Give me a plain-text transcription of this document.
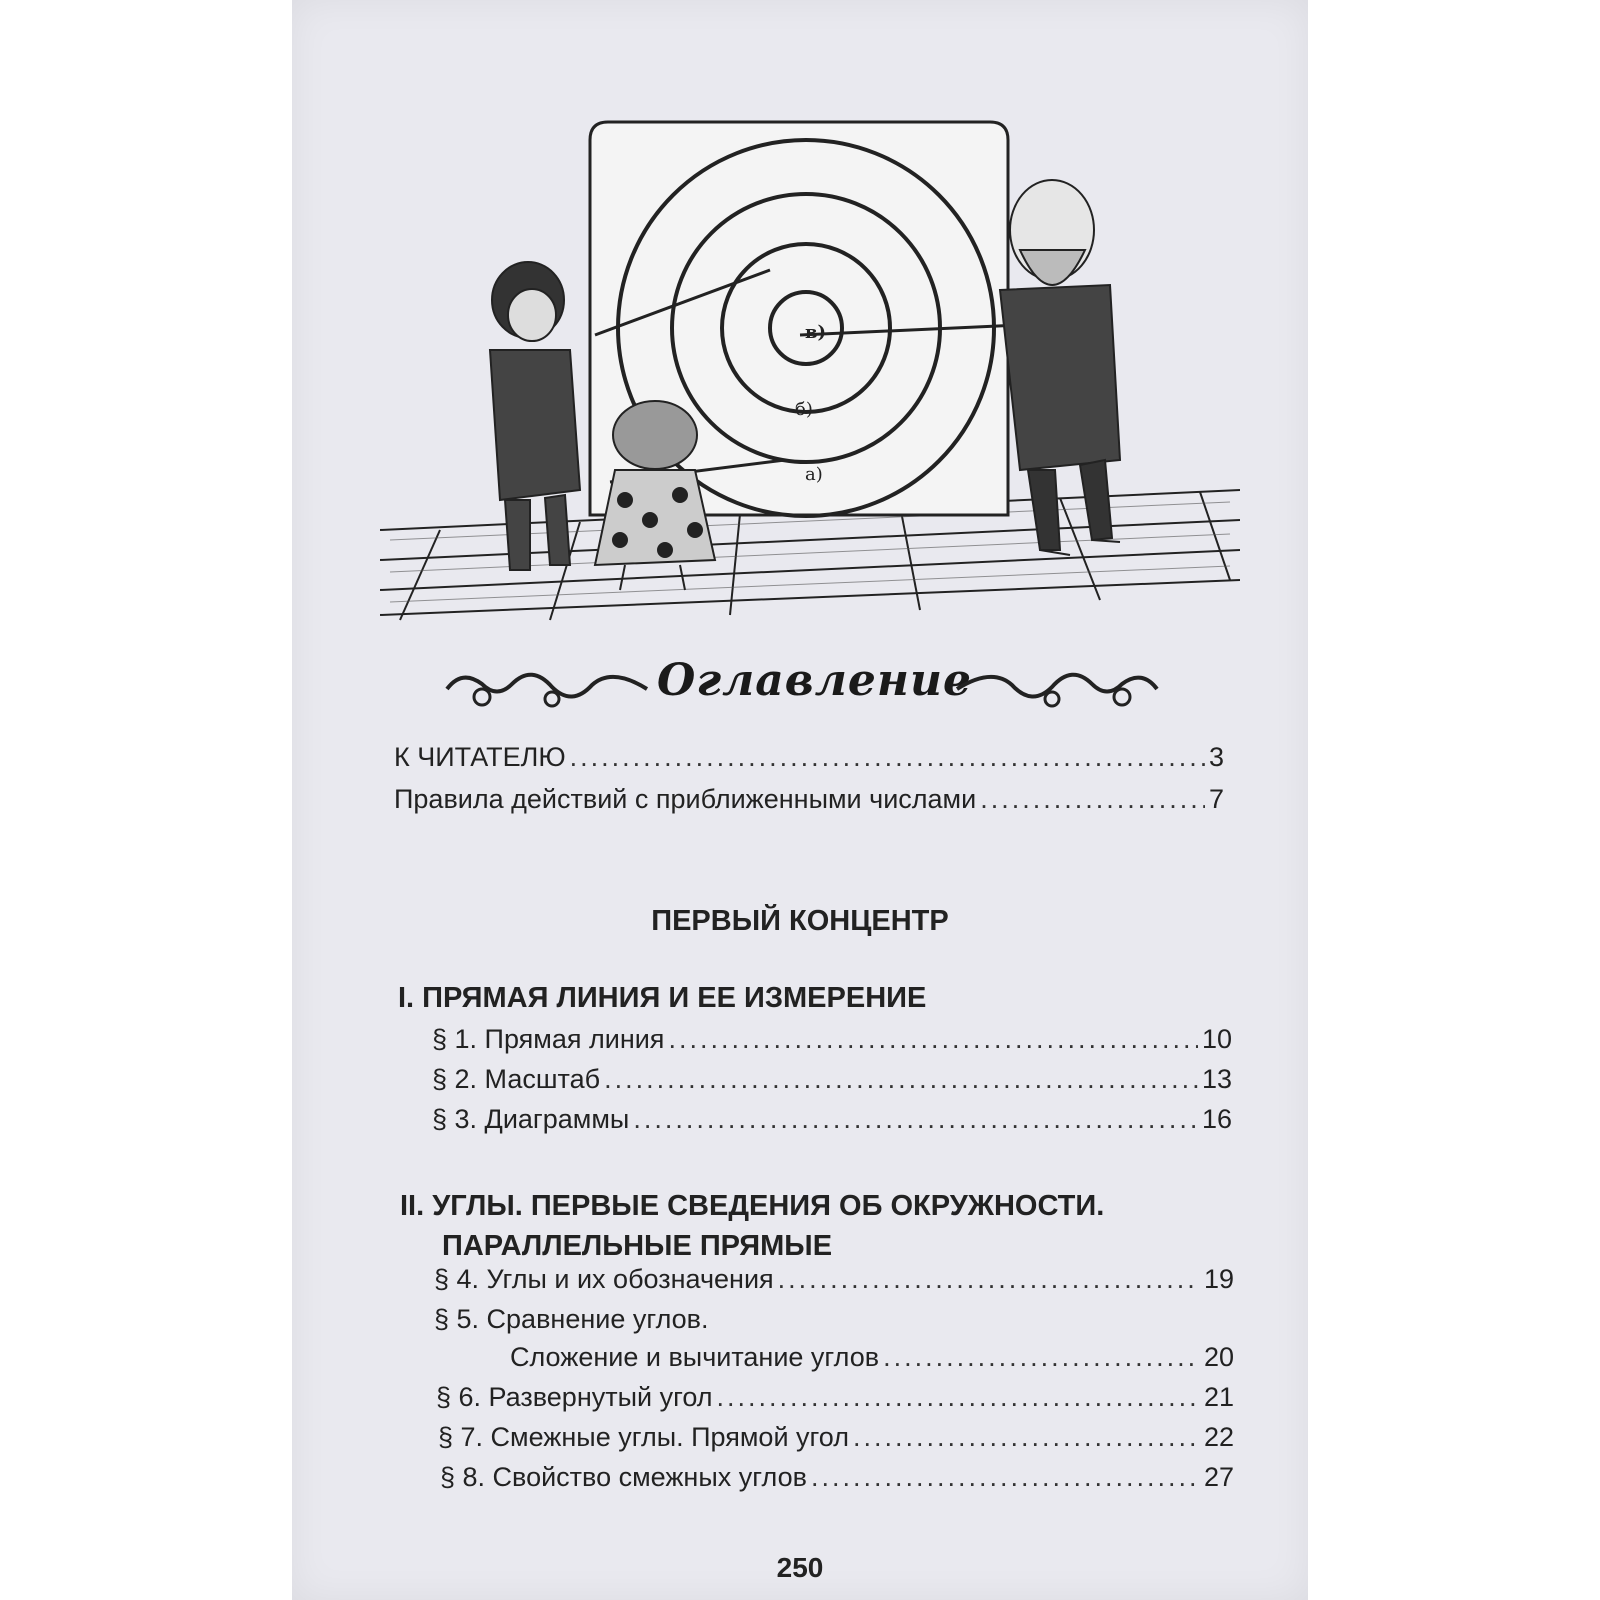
в)
б)
а)
Оглавление
К ЧИТАТЕЛЮ .....	3
Правила действий с приближенными числами .....	7
ПЕРВЫЙ КОНЦЕНТР
I. ПРЯМАЯ ЛИНИЯ И ЕЕ ИЗМЕРЕНИЕ
§ 1. Прямая линия .....	10
§ 2. Масштаб .....	13
§ 3. Диаграммы .....	16
II. УГЛЫ. ПЕРВЫЕ СВЕДЕНИЯ ОБ ОКРУЖНОСТИ.
ПАРАЛЛЕЛЬНЫЕ ПРЯМЫЕ
§ 4. Углы и их обозначения .....	19
§ 5. Сравнение углов.
Сложение и вычитание углов .....	20
§ 6. Развернутый угол .....	21
§ 7. Смежные углы. Прямой угол .....	22
§ 8. Свойство смежных углов .....	27
250
